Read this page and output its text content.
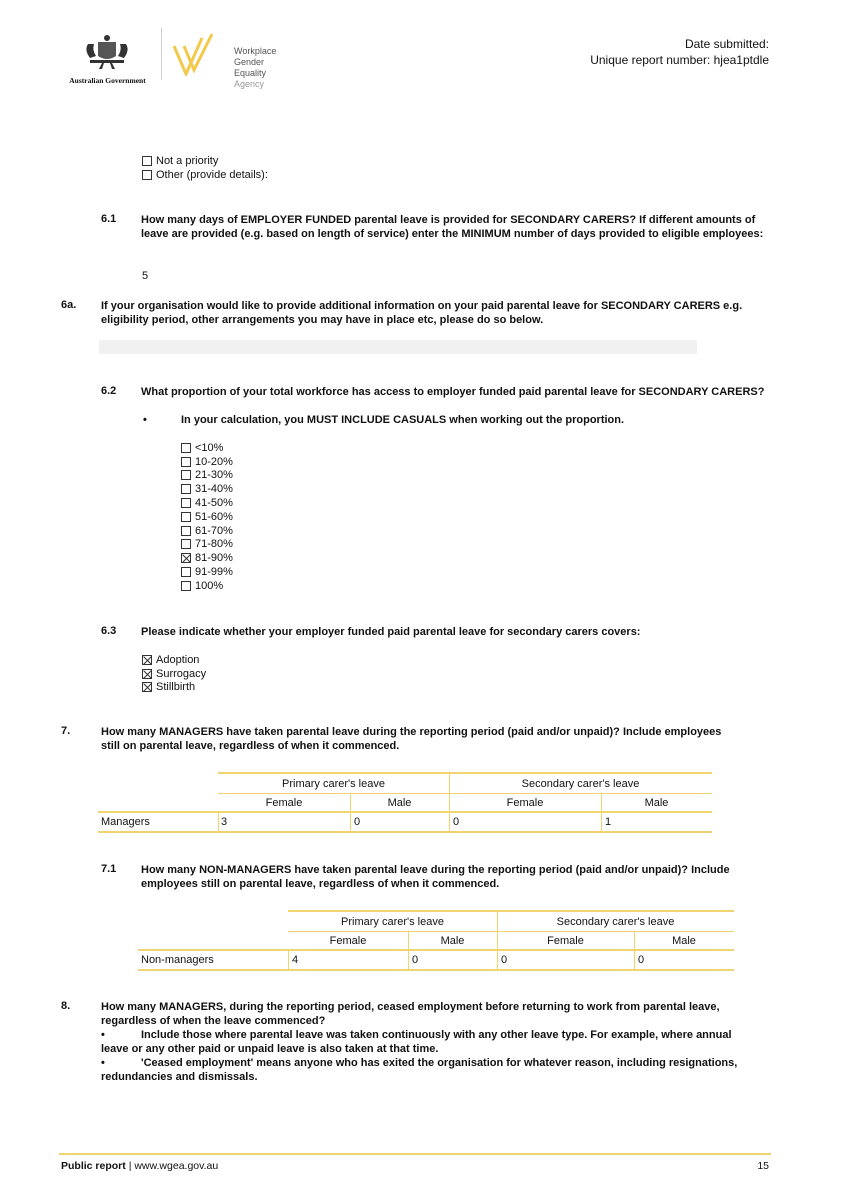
Australian Government
Workplace
Gender Equality
Agency
Date submitted:
Unique report number: hjea1ptdle
Not a priority
Other (provide details):
6.1 How many days of EMPLOYER FUNDED parental leave is provided for SECONDARY CARERS? If different amounts of leave are provided (e.g. based on length of service) enter the MINIMUM number of days provided to eligible employees:
5
6a. If your organisation would like to provide additional information on your paid parental leave for SECONDARY CARERS e.g. eligibility period, other arrangements you may have in place etc, please do so below.
6.2 What proportion of your total workforce has access to employer funded paid parental leave for SECONDARY CARERS?
•	In your calculation, you MUST INCLUDE CASUALS when working out the proportion.
<10%
10-20%
21-30%
31-40%
41-50%
51-60%
61-70%
71-80%
81-90%
91-99%
100%
6.3 Please indicate whether your employer funded paid parental leave for secondary carers covers:
Adoption
Surrogacy
Stillbirth
7.	How many MANAGERS have taken parental leave during the reporting period (paid and/or unpaid)? Include employees still on parental leave, regardless of when it commenced.
Primary carer's leave	Secondary carer's leave
Female	Male	Female	Male
Managers	3	0	0	1
7.1 How many NON-MANAGERS have taken parental leave during the reporting period (paid and/or unpaid)? Include employees still on parental leave, regardless of when it commenced.
Primary carer's leave	Secondary carer's leave
Female	Male	Female	Male
Non-managers	4	0	0	0
8.	How many MANAGERS, during the reporting period, ceased employment before returning to work from parental leave, regardless of when the leave commenced?
•	Include those where parental leave was taken continuously with any other leave type. For example, where annual leave or any other paid or unpaid leave is also taken at that time.
•	'Ceased employment' means anyone who has exited the organisation for whatever reason, including resignations, redundancies and dismissals.
Public report | www.wgea.gov.au	15
